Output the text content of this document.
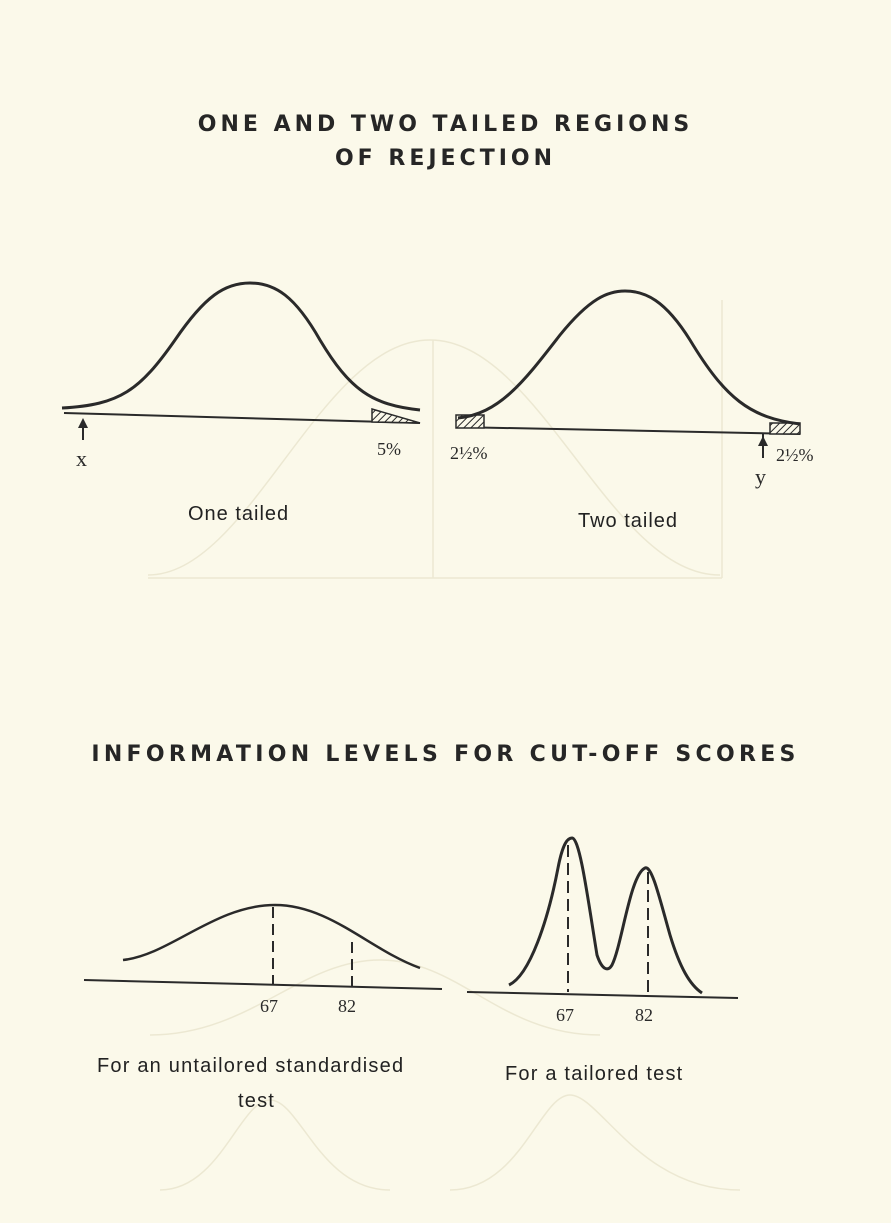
ONE AND TWO TAILED REGIONS
OF REJECTION
x	5%
y
2½%	2½%
67	82	67	82
One tailed	Two tailed
INFORMATION LEVELS FOR CUT-OFF SCORES
For an untailored standardised
test
For a tailored test
